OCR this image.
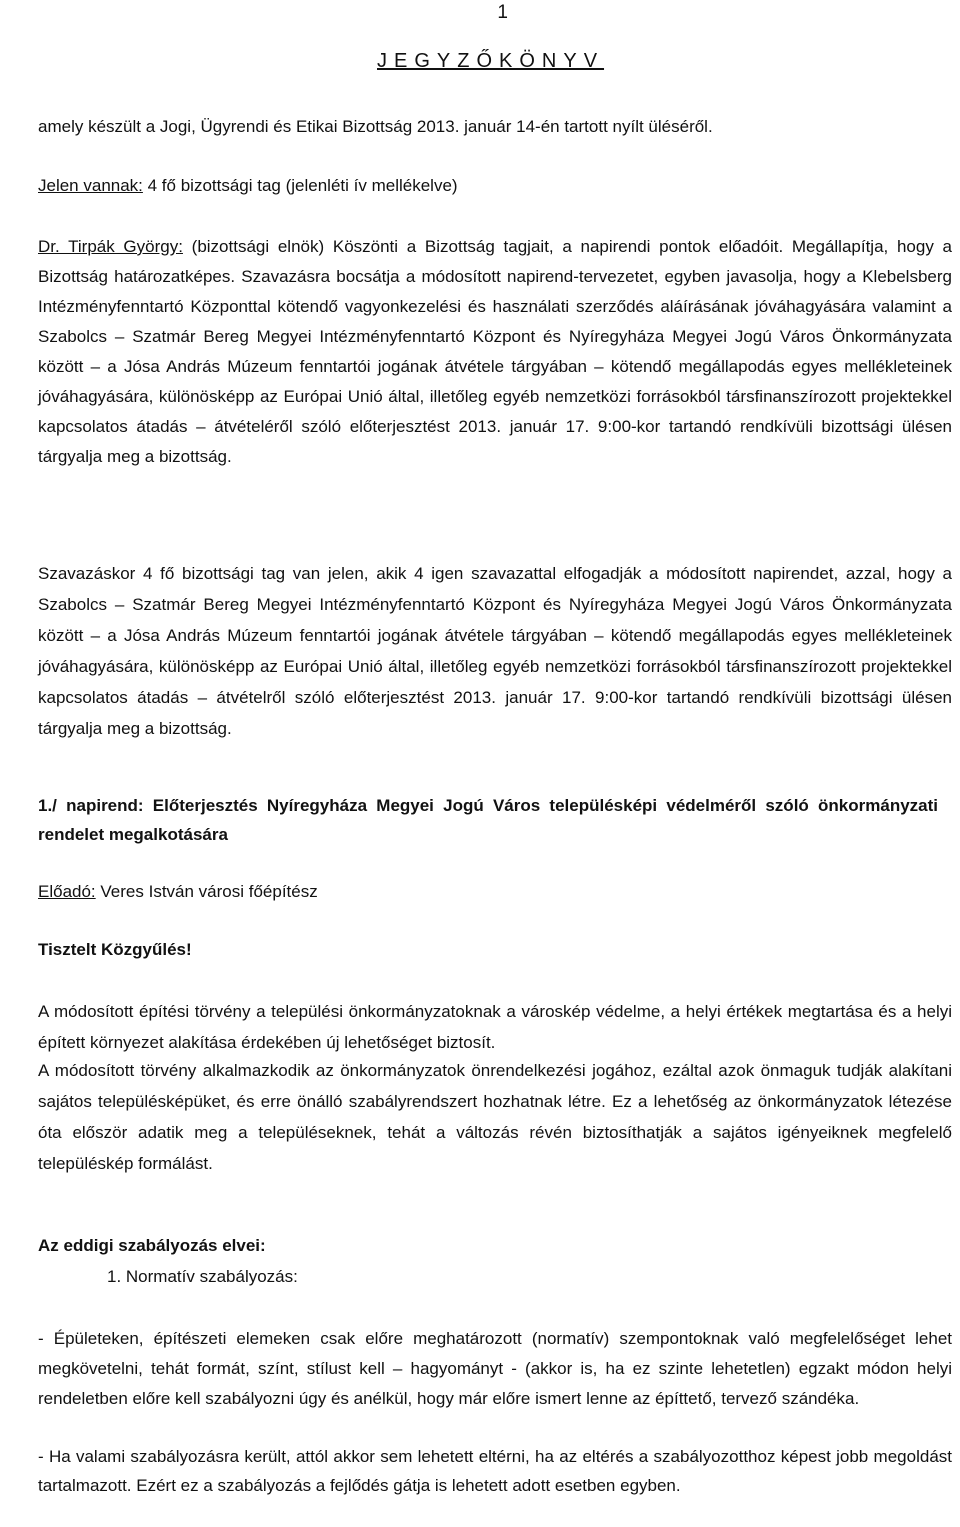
1
JEGYZŐKÖNYV
amely készült a Jogi, Ügyrendi és Etikai Bizottság 2013. január 14-én tartott nyílt üléséről.
Jelen vannak: 4 fő bizottsági tag (jelenléti ív mellékelve)
Dr. Tirpák György: (bizottsági elnök) Köszönti a Bizottság tagjait, a napirendi pontok előadóit. Megállapítja, hogy a Bizottság határozatképes. Szavazásra bocsátja a módosított napirend-tervezetet, egyben javasolja, hogy a Klebelsberg Intézményfenntartó Központtal kötendő vagyonkezelési és használati szerződés aláírásának jóváhagyására valamint a Szabolcs – Szatmár Bereg Megyei Intézményfenntartó Központ és Nyíregyháza Megyei Jogú Város Önkormányzata között – a Jósa András Múzeum fenntartói jogának átvétele tárgyában – kötendő megállapodás egyes mellékleteinek jóváhagyására, különösképp az Európai Unió által, illetőleg egyéb nemzetközi forrásokból társfinanszírozott projektekkel kapcsolatos átadás – átvételéről szóló előterjesztést 2013. január 17. 9:00-kor tartandó rendkívüli bizottsági ülésen tárgyalja meg a bizottság.
Szavazáskor 4 fő bizottsági tag van jelen, akik 4 igen szavazattal elfogadják a módosított napirendet, azzal, hogy a Szabolcs – Szatmár Bereg Megyei Intézményfenntartó Központ és Nyíregyháza Megyei Jogú Város Önkormányzata között – a Jósa András Múzeum fenntartói jogának átvétele tárgyában – kötendő megállapodás egyes mellékleteinek jóváhagyására, különösképp az Európai Unió által, illetőleg egyéb nemzetközi forrásokból társfinanszírozott projektekkel kapcsolatos átadás – átvételről szóló előterjesztést 2013. január 17. 9:00-kor tartandó rendkívüli bizottsági ülésen tárgyalja meg a bizottság.
1./ napirend: Előterjesztés Nyíregyháza Megyei Jogú Város településképi védelméről szóló önkormányzati rendelet megalkotására
Előadó: Veres István városi főépítész
Tisztelt Közgyűlés!
A módosított építési törvény a települési önkormányzatoknak a városkép védelme, a helyi értékek megtartása és a helyi épített környezet alakítása érdekében új lehetőséget biztosít.
A módosított törvény alkalmazkodik az önkormányzatok önrendelkezési jogához, ezáltal azok önmaguk tudják alakítani sajátos településképüket, és erre önálló szabályrendszert hozhatnak létre. Ez a lehetőség az önkormányzatok létezése óta először adatik meg a településeknek, tehát a változás révén biztosíthatják a sajátos igényeiknek megfelelő településkép formálást.
Az eddigi szabályozás elvei:
1. Normatív szabályozás:
- Épületeken, építészeti elemeken csak előre meghatározott (normatív) szempontoknak való megfelelőséget lehet megkövetelni, tehát formát, színt, stílust kell – hagyományt - (akkor is, ha ez szinte lehetetlen) egzakt módon helyi rendeletben előre kell szabályozni úgy és anélkül, hogy már előre ismert lenne az építtető, tervező szándéka.
- Ha valami szabályozásra került, attól akkor sem lehetett eltérni, ha az eltérés a szabályozotthoz képest jobb megoldást tartalmazott. Ezért ez a szabályozás a fejlődés gátja is lehetett adott esetben egyben.
